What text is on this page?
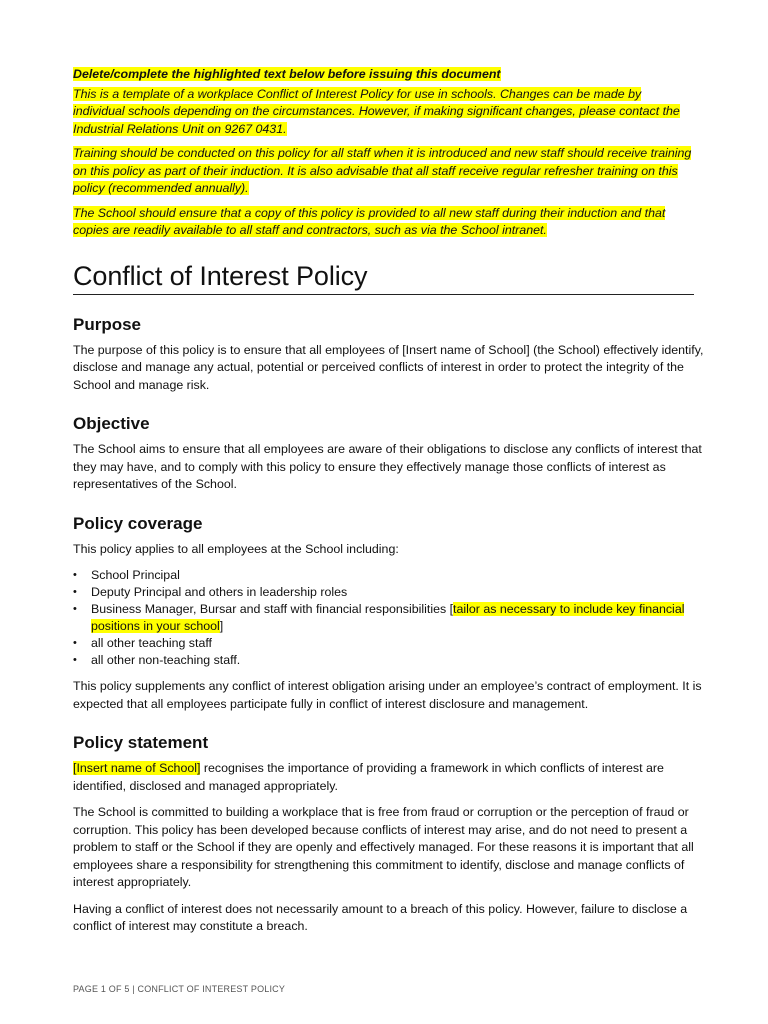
Delete/complete the highlighted text below before issuing this document

This is a template of a workplace Conflict of Interest Policy for use in schools. Changes can be made by individual schools depending on the circumstances. However, if making significant changes, please contact the Industrial Relations Unit on 9267 0431.

Training should be conducted on this policy for all staff when it is introduced and new staff should receive training on this policy as part of their induction. It is also advisable that all staff receive regular refresher training on this policy (recommended annually).

The School should ensure that a copy of this policy is provided to all new staff during their induction and that copies are readily available to all staff and contractors, such as via the School intranet.

Conflict of Interest Policy
Purpose

The purpose of this policy is to ensure that all employees of [Insert name of School] (the School) effectively identify, disclose and manage any actual, potential or perceived conflicts of interest in order to protect the integrity of the School and manage risk.

Objective

The School aims to ensure that all employees are aware of their obligations to disclose any conflicts of interest that they may have, and to comply with this policy to ensure they effectively manage those conflicts of interest as representatives of the School.

Policy coverage

This policy applies to all employees at the School including:

• School Principal
• Deputy Principal and others in leadership roles
• Business Manager, Bursar and staff with financial responsibilities [tailor as necessary to include key financial positions in your school]
• all other teaching staff
• all other non-teaching staff.

This policy supplements any conflict of interest obligation arising under an employee’s contract of employment. It is expected that all employees participate fully in conflict of interest disclosure and management.

Policy statement

[Insert name of School] recognises the importance of providing a framework in which conflicts of interest are identified, disclosed and managed appropriately.

The School is committed to building a workplace that is free from fraud or corruption or the perception of fraud or corruption. This policy has been developed because conflicts of interest may arise, and do not need to present a problem to staff or the School if they are openly and effectively managed. For these reasons it is important that all employees share a responsibility for strengthening this commitment to identify, disclose and manage conflicts of interest appropriately.

Having a conflict of interest does not necessarily amount to a breach of this policy. However, failure to disclose a conflict of interest may constitute a breach.

PAGE 1 OF 5 | CONFLICT OF INTEREST POLICY
